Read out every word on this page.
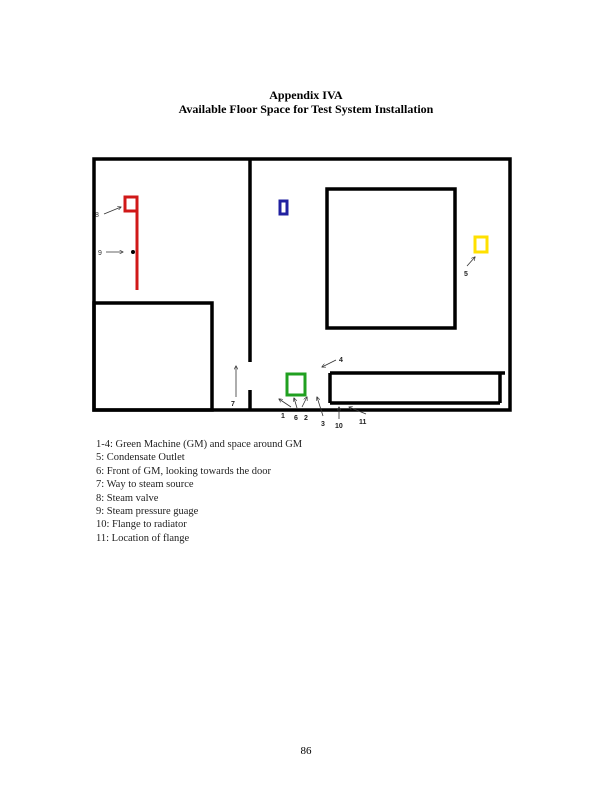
Appendix IVA
Available Floor Space for Test System Installation
8
9
5
4
7
1 6 2
3 10
11
1-4: Green Machine (GM) and space around GM
5: Condensate Outlet
6: Front of GM, looking towards the door
7: Way to steam source
8: Steam valve
9: Steam pressure guage
10: Flange to radiator
11: Location of flange
86
